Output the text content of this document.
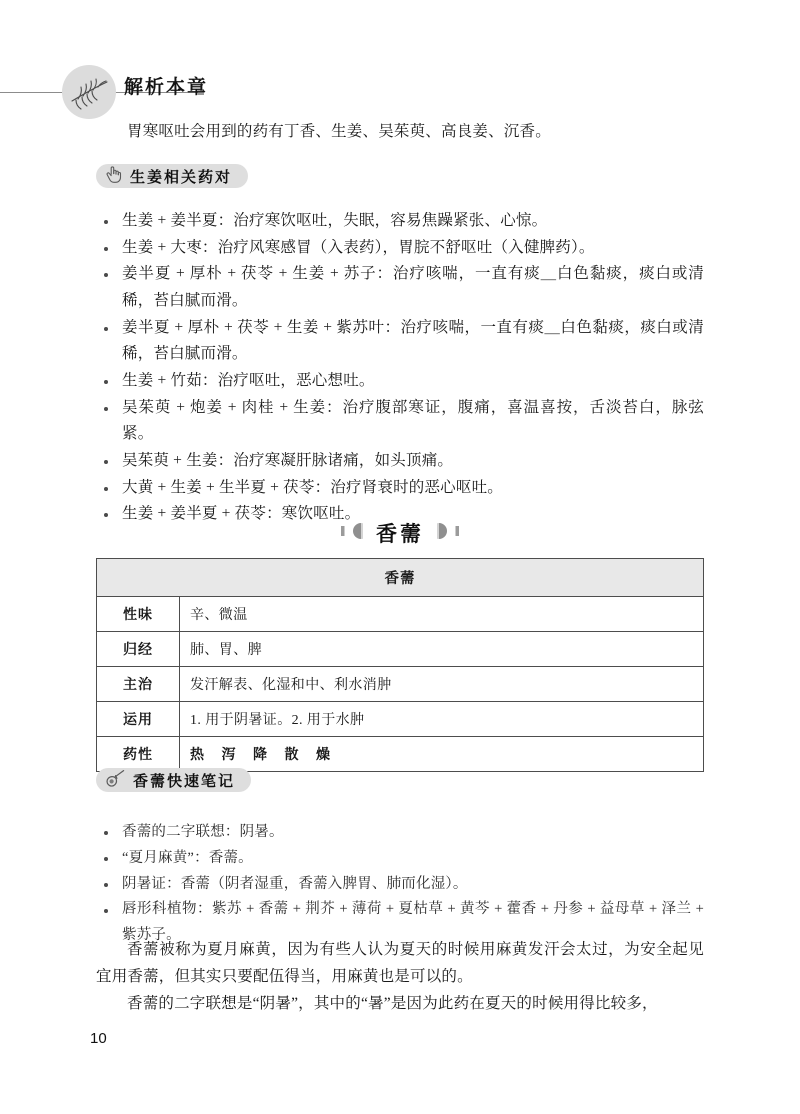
解析本章

胃寒呕吐会用到的药有丁香、生姜、吴茱萸、高良姜、沉香。

生姜相关药对
生姜 + 姜半夏：治疗寒饮呕吐，失眠，容易焦躁紧张、心惊。
生姜 + 大枣：治疗风寒感冒（入表药），胃脘不舒呕吐（入健脾药）。
姜半夏 + 厚朴 + 茯苓 + 生姜 + 苏子：治疗咳喘，一直有痰＿白色黏痰，痰白或清稀，苔白腻而滑。
姜半夏 + 厚朴 + 茯苓 + 生姜 + 紫苏叶：治疗咳喘，一直有痰＿白色黏痰，痰白或清稀，苔白腻而滑。
生姜 + 竹茹：治疗呕吐，恶心想吐。
吴茱萸 + 炮姜 + 肉桂 + 生姜：治疗腹部寒证，腹痛，喜温喜按，舌淡苔白，脉弦紧。
吴茱萸 + 生姜：治疗寒凝肝脉诸痛，如头顶痛。
大黄 + 生姜 + 生半夏 + 茯苓：治疗肾衰时的恶心呕吐。
生姜 + 姜半夏 + 茯苓：寒饮呕吐。
香薷
香薷	
性味	辛、微温
归经	肺、胃、脾
主治	发汗解表、化湿和中、利水消肿
运用	1. 用于阴暑证。2. 用于水肿
药性	热 泻 降 散 燥
香薷快速笔记
香薷的二字联想：阴暑。
“夏月麻黄”：香薷。
阴暑证：香薷（阴者湿重，香薷入脾胃、肺而化湿）。
唇形科植物：紫苏 + 香薷 + 荆芥 + 薄荷 + 夏枯草 + 黄芩 + 藿香 + 丹参 + 益母草 + 泽兰 + 紫苏子。

香薷被称为夏月麻黄，因为有些人认为夏天的时候用麻黄发汗会太过，为安全起见宜用香薷，但其实只要配伍得当，用麻黄也是可以的。

香薷的二字联想是“阴暑”，其中的“暑”是因为此药在夏天的时候用得比较多，

10
